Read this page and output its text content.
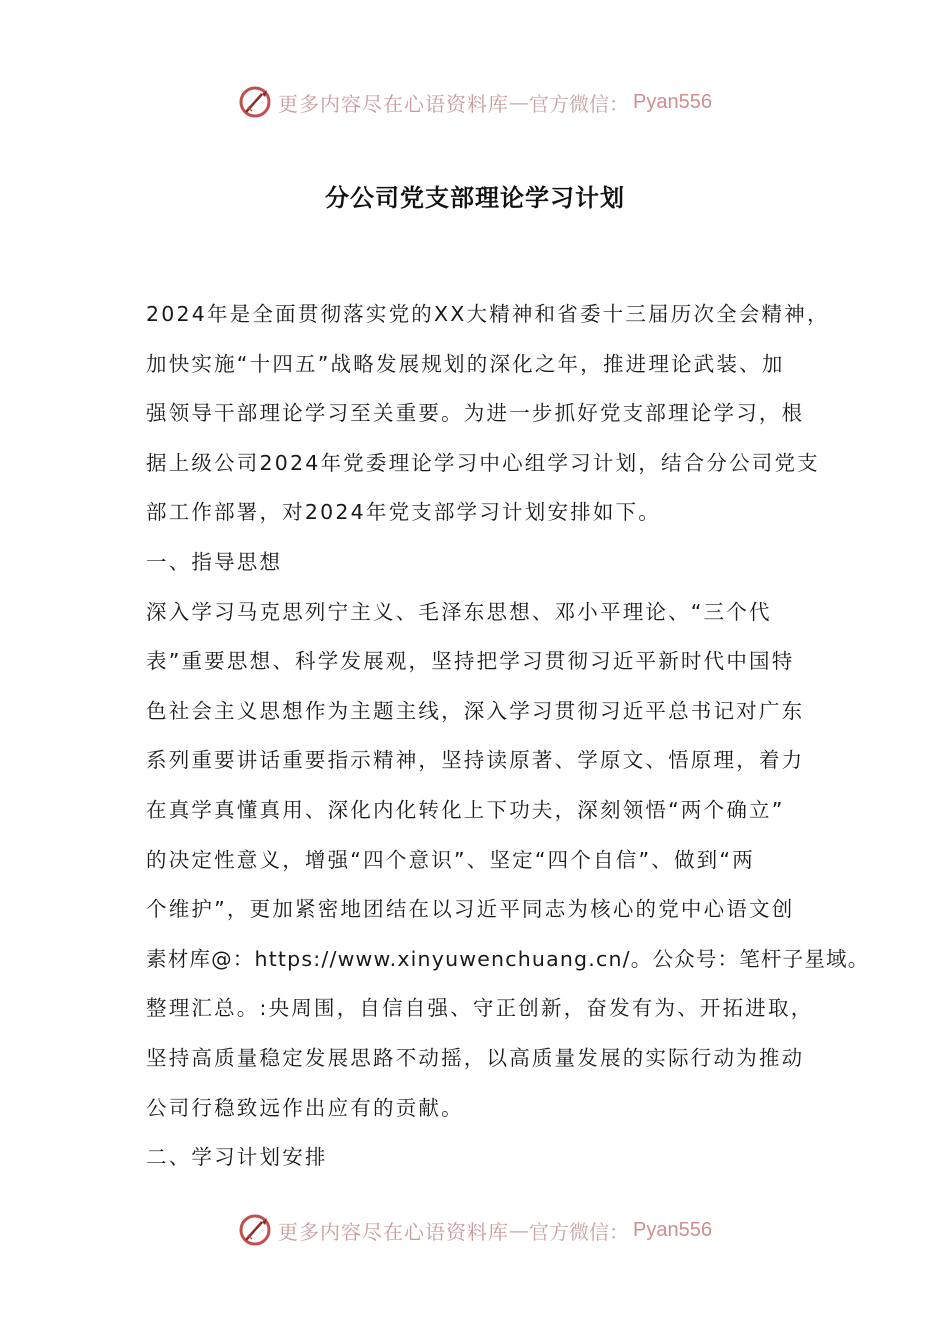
更多内容尽在心语资料库 — 官方微信： Pyan556
分公司党支部理论学习计划
2024年是全面贯彻落实党的XX大精神和省委十三届历次全会精神，
加快实施“十四五”战略发展规划的深化之年，推进理论武装、加
强领导干部理论学习至关重要。为进一步抓好党支部理论学习，根
据上级公司2024年党委理论学习中心组学习计划，结合分公司党支
部工作部署，对2024年党支部学习计划安排如下。
一、指导思想
深入学习马克思列宁主义、毛泽东思想、邓小平理论、“三个代
表”重要思想、科学发展观，坚持把学习贯彻习近平新时代中国特
色社会主义思想作为主题主线，深入学习贯彻习近平总书记对广东
系列重要讲话重要指示精神，坚持读原著、学原文、悟原理，着力
在真学真懂真用、深化内化转化上下功夫，深刻领悟“两个确立”
的决定性意义，增强“四个意识”、坚定“四个自信”、做到“两
个维护”，更加紧密地团结在以习近平同志为核心的党中心语文创
素材库@：https://www.xinyuwenchuang.cn/。公众号：笔杆子星域。
整理汇总。:央周围，自信自强、守正创新，奋发有为、开拓进取，
坚持高质量稳定发展思路不动摇，以高质量发展的实际行动为推动
公司行稳致远作出应有的贡献。
二、学习计划安排
更多内容尽在心语资料库 — 官方微信： Pyan556
